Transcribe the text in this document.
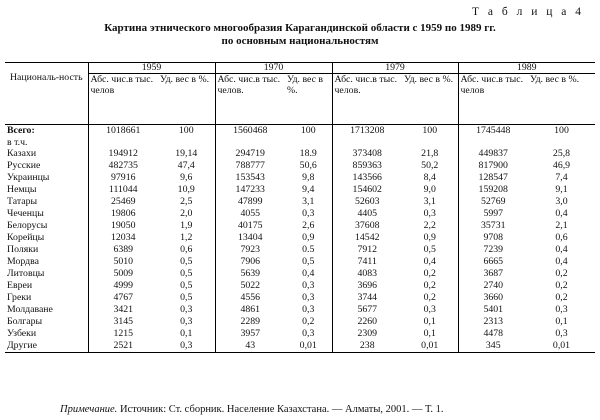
Т а б л и ц а 4
Картина этнического многообразия Карагандинской области с 1959 по 1989 гг.
по основным национальностям
Националь-ность	1959		1970		1979		1989	
	Абс. чис.в тыс. челов	Уд. вес в %.	Абс. чис.в тыс. челов.	Уд. вес в %.	Абс. чис.в тыс. челов.	Уд. вес в %.	Абс. чис.в тыс. челов	Уд. вес в %.
Всего:	1018661	100	1560468	100	1713208	100	1745448	100
в т.ч.								
Казахи	194912	19,14	294719	18.9	373408	21,8	449837	25,8
Русские	482735	47,4	788777	50,6	859363	50,2	817900	46,9
Украинцы	97916	9,6	153543	9,8	143566	8,4	128547	7,4
Немцы	111044	10,9	147233	9,4	154602	9,0	159208	9,1
Татары	25469	2,5	47899	3,1	52603	3,1	52769	3,0
Чеченцы	19806	2,0	4055	0,3	4405	0,3	5997	0,4
Белорусы	19050	1,9	40175	2,6	37608	2,2	35731	2,1
Корейцы	12034	1,2	13404	0,9	14542	0,9	9708	0,6
Поляки	6389	0,6	7923	0.5	7912	0,5	7239	0,4
Мордва	5010	0,5	7906	0,5	7411	0,4	6665	0,4
Литовцы	5009	0,5	5639	0,4	4083	0,2	3687	0,2
Евреи	4999	0,5	5022	0,3	3696	0,2	2740	0,2
Греки	4767	0,5	4556	0,3	3744	0,2	3660	0,2
Молдаване	3421	0,3	4861	0,3	5677	0,3	5401	0,3
Болгары	3145	0,3	2289	0,2	2260	0,1	2313	0,1
Узбеки	1215	0,1	3957	0,3	2309	0,1	4478	0,3
Другие	2521	0,3	43	0,01	238	0,01	345	0,01
Примечание. Источник: Ст. сборник. Население Казахстана. — Алматы, 2001. — Т. 1.
